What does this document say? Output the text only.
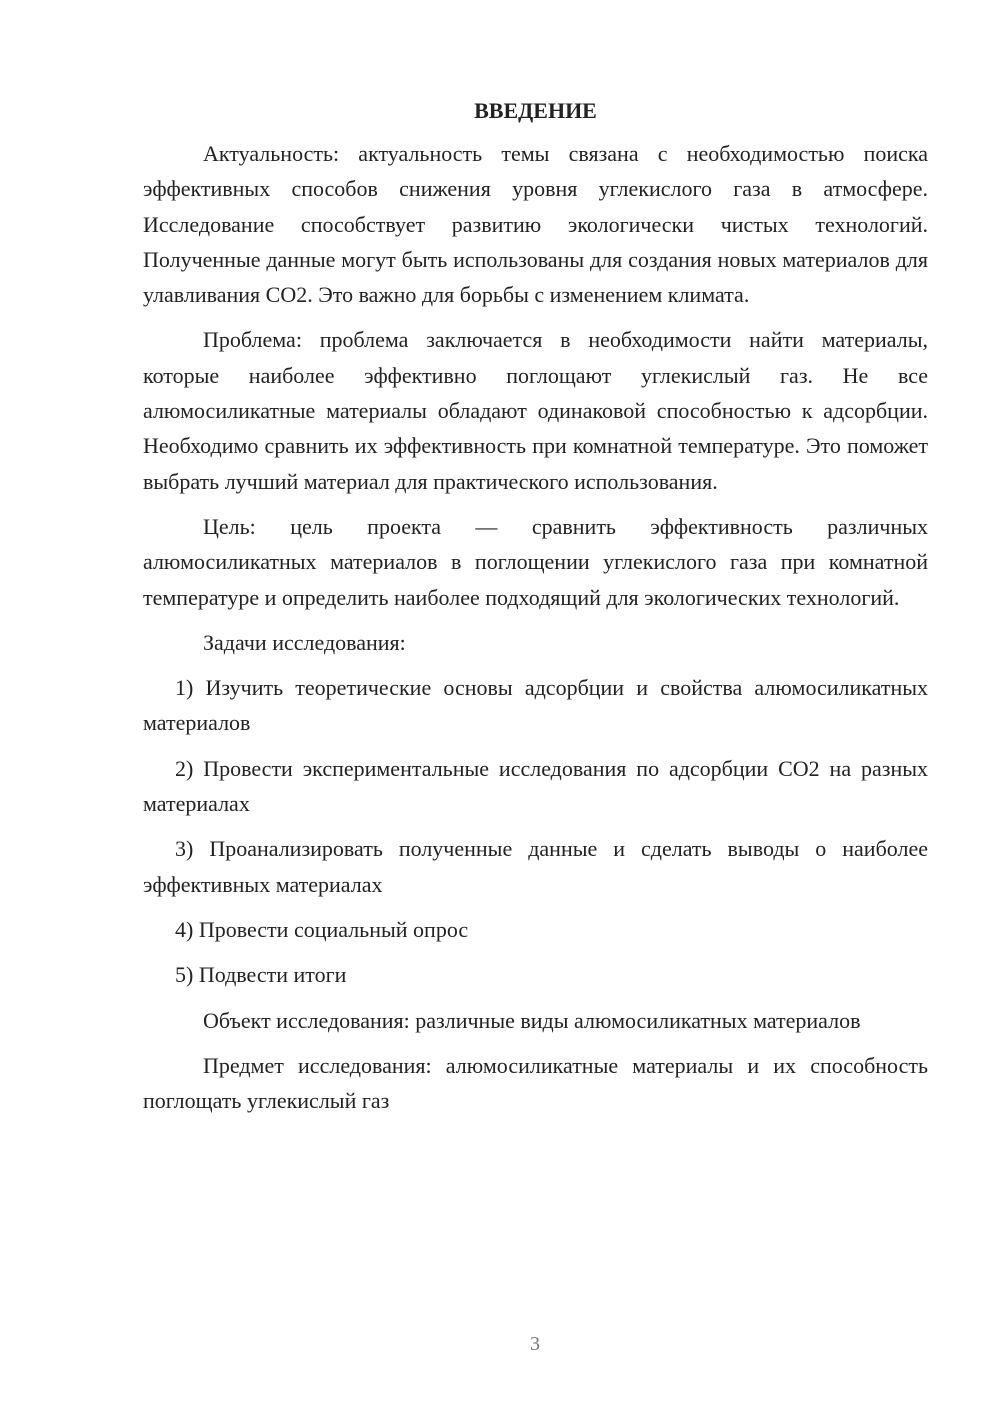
ВВЕДЕНИЕ

Актуальность: актуальность темы связана с необходимостью поиска эффективных способов снижения уровня углекислого газа в атмосфере. Исследование способствует развитию экологически чистых технологий. Полученные данные могут быть использованы для создания новых материалов для улавливания CO2. Это важно для борьбы с изменением климата.

Проблема: проблема заключается в необходимости найти материалы, которые наиболее эффективно поглощают углекислый газ. Не все алюмосиликатные материалы обладают одинаковой способностью к адсорбции. Необходимо сравнить их эффективность при комнатной температуре. Это поможет выбрать лучший материал для практического использования.

Цель: цель проекта — сравнить эффективность различных алюмосиликатных материалов в поглощении углекислого газа при комнатной температуре и определить наиболее подходящий для экологических технологий.

Задачи исследования:

1) Изучить теоретические основы адсорбции и свойства алюмосиликатных материалов

2) Провести экспериментальные исследования по адсорбции CO2 на разных материалах

3) Проанализировать полученные данные и сделать выводы о наиболее эффективных материалах

4) Провести социальный опрос

5) Подвести итоги

Объект исследования: различные виды алюмосиликатных материалов

Предмет исследования: алюмосиликатные материалы и их способность поглощать углекислый газ

3
